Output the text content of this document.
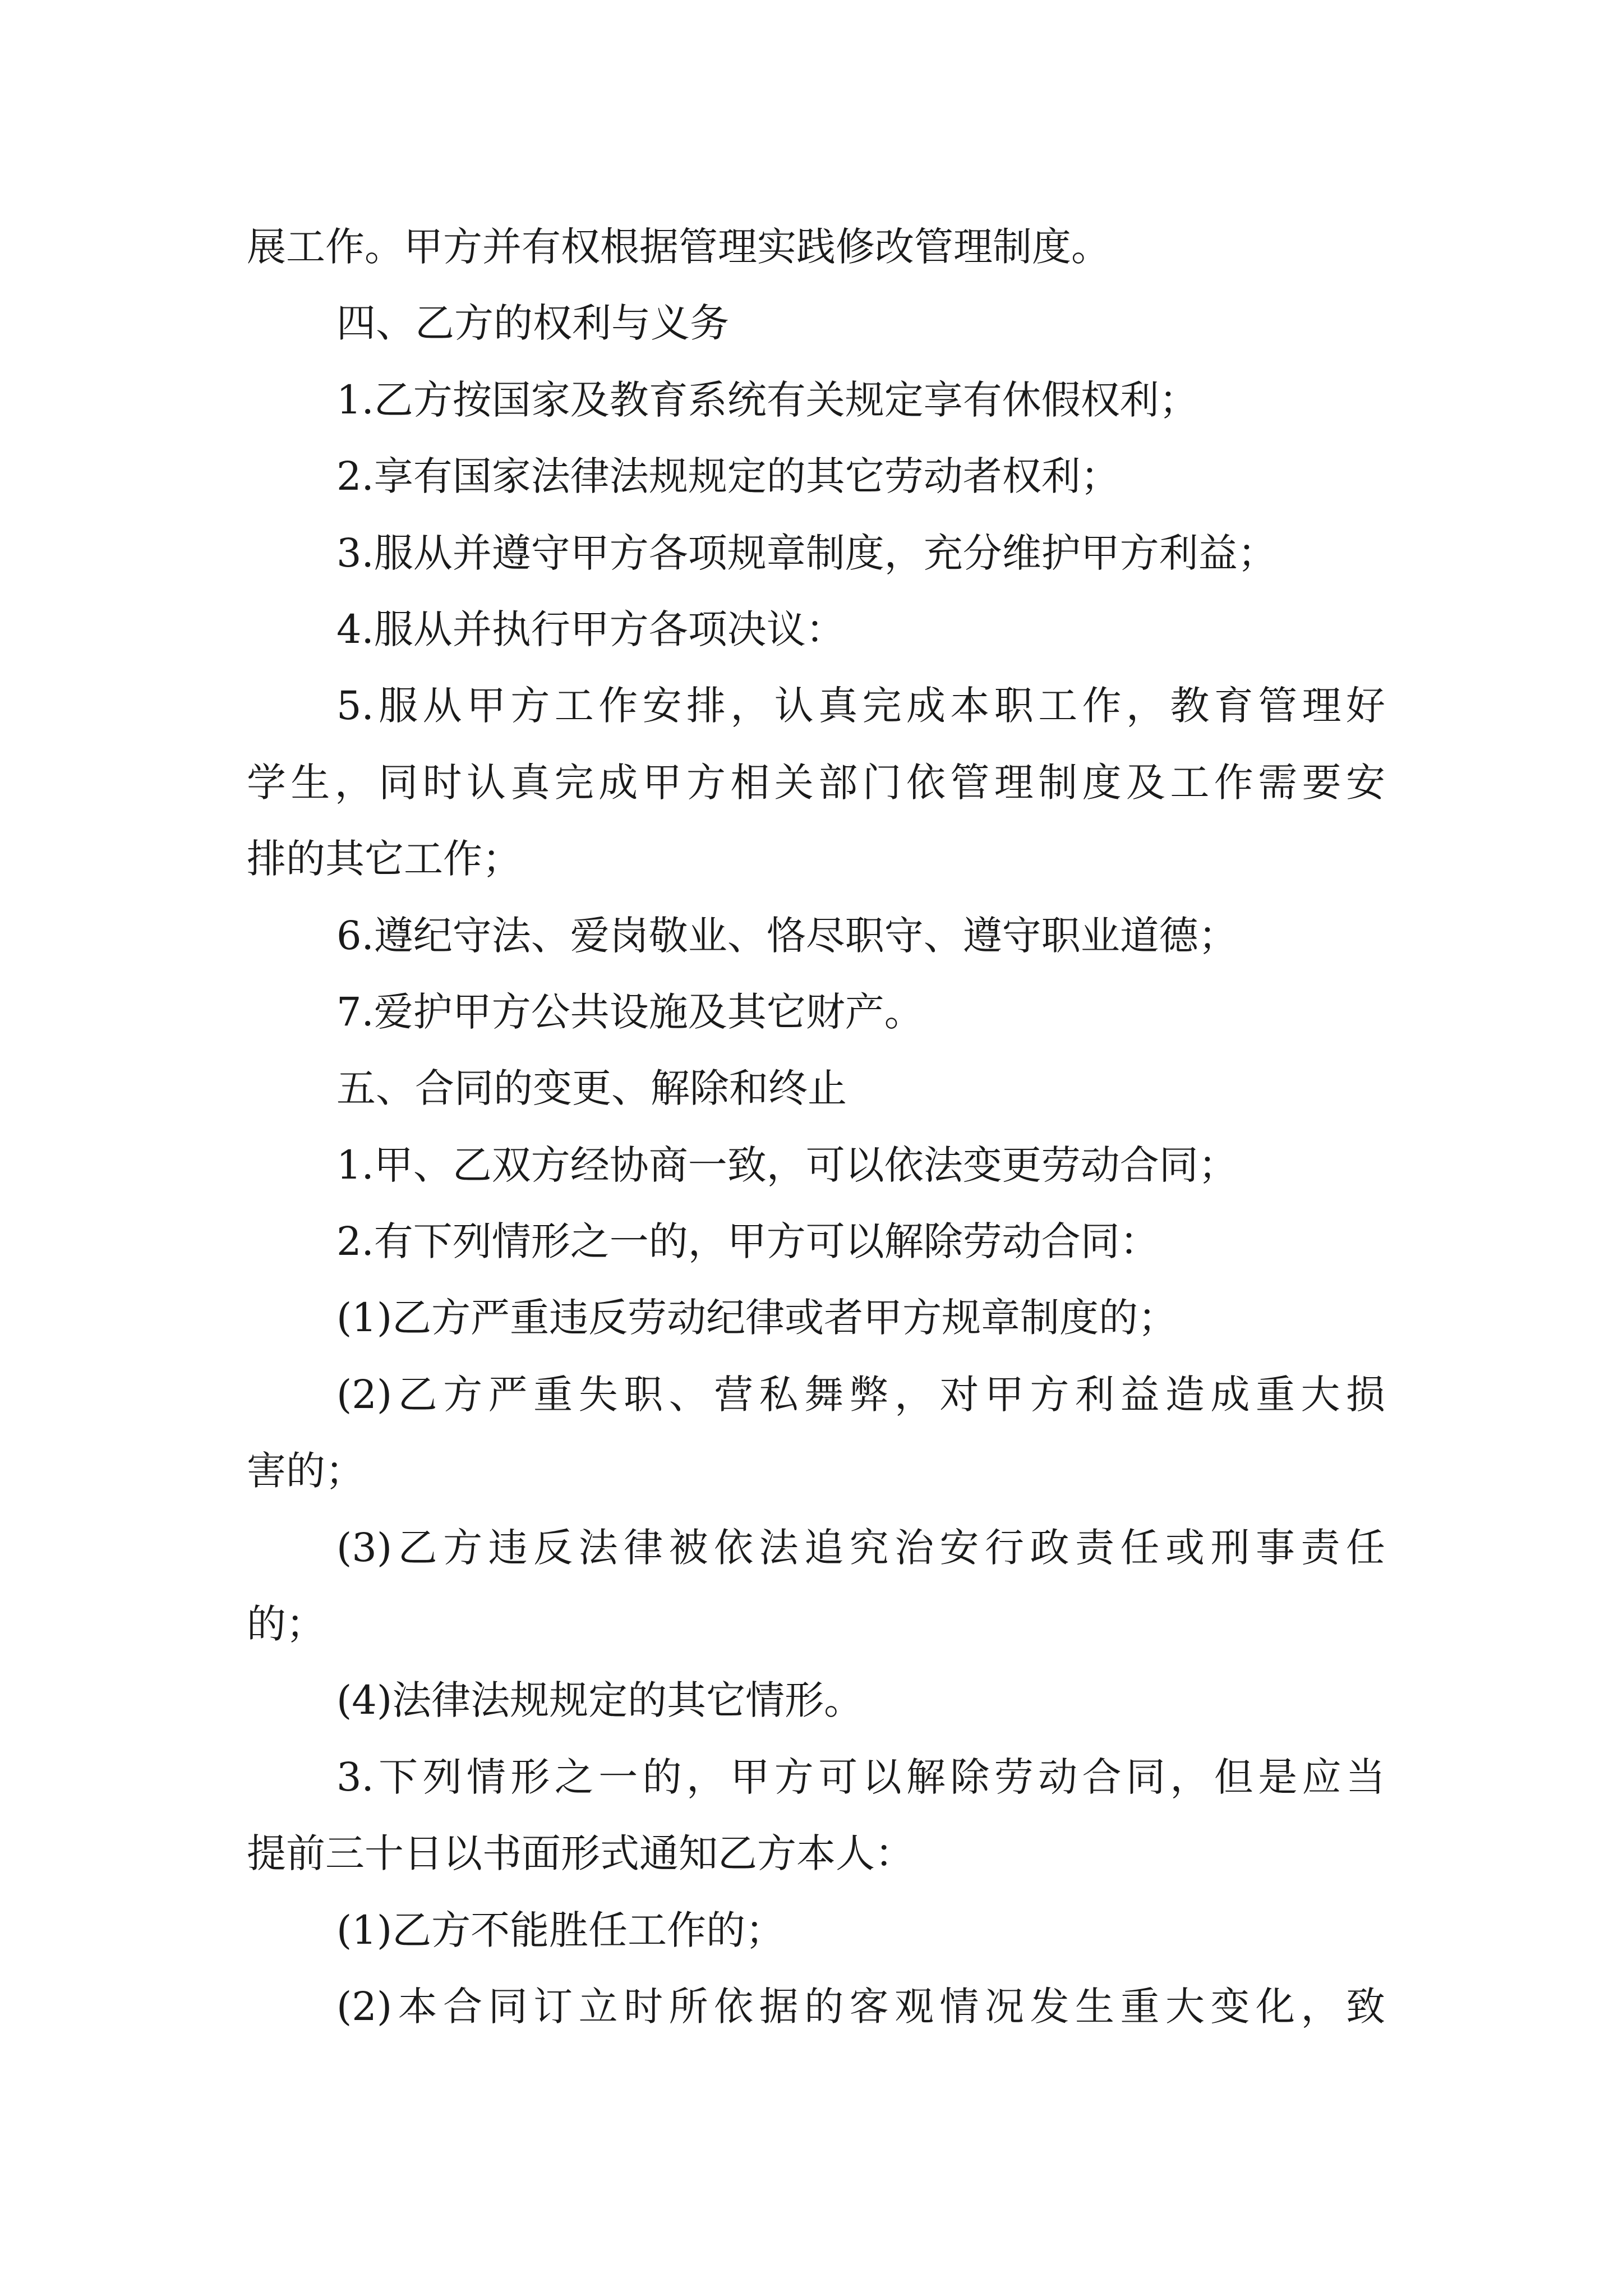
展工作。甲方并有权根据管理实践修改管理制度。
四、乙方的权利与义务
1.乙方按国家及教育系统有关规定享有休假权利；
2.享有国家法律法规规定的其它劳动者权利；
3.服从并遵守甲方各项规章制度，充分维护甲方利益；
4.服从并执行甲方各项决议：
5.服从甲方工作安排，认真完成本职工作，教育管理好
学生，同时认真完成甲方相关部门依管理制度及工作需要安
排的其它工作；
6.遵纪守法、爱岗敬业、恪尽职守、遵守职业道德；
7.爱护甲方公共设施及其它财产。
五、合同的变更、解除和终止
1.甲、乙双方经协商一致，可以依法变更劳动合同；
2.有下列情形之一的，甲方可以解除劳动合同：
(1)乙方严重违反劳动纪律或者甲方规章制度的；
(2)乙方严重失职、营私舞弊，对甲方利益造成重大损
害的；
(3)乙方违反法律被依法追究治安行政责任或刑事责任
的；
(4)法律法规规定的其它情形。
3.下列情形之一的，甲方可以解除劳动合同，但是应当
提前三十日以书面形式通知乙方本人：
(1)乙方不能胜任工作的；
(2)本合同订立时所依据的客观情况发生重大变化，致
